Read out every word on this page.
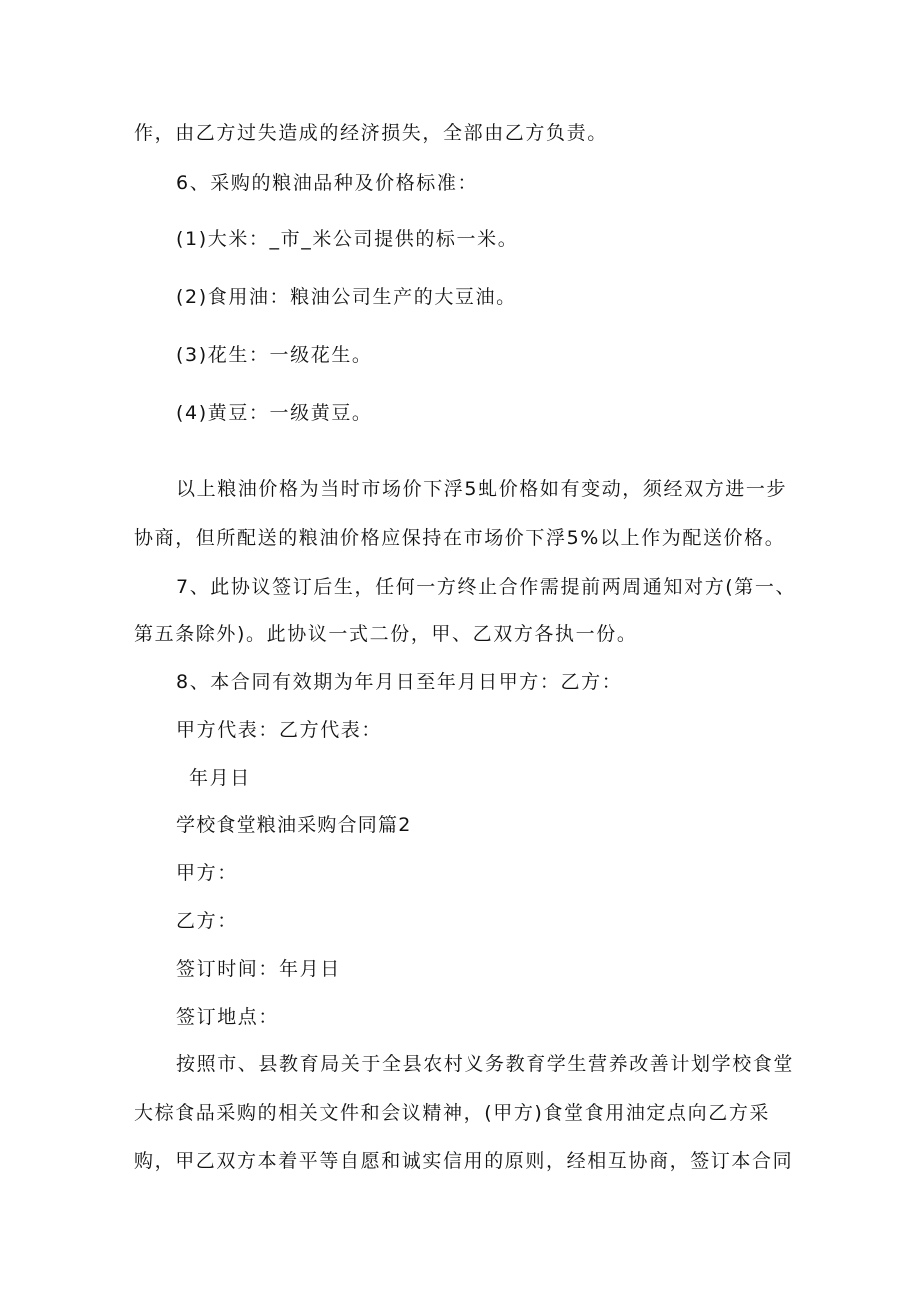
作，由乙方过失造成的经济损失，全部由乙方负责。
6、采购的粮油品种及价格标准：
(1)大米：_市_米公司提供的标一米。
(2)食用油：粮油公司生产的大豆油。
(3)花生：一级花生。
(4)黄豆：一级黄豆。
以上粮油价格为当时市场价下浮5虬价格如有变动，须经双方进一步
协商，但所配送的粮油价格应保持在市场价下浮5%以上作为配送价格。
7、此协议签订后生，任何一方终止合作需提前两周通知对方(第一、
第五条除外)。此协议一式二份，甲、乙双方各执一份。
8、本合同有效期为年月日至年月日甲方：乙方：
甲方代表：乙方代表：
年月日
学校食堂粮油采购合同篇2
甲方：
乙方：
签订时间：年月日
签订地点：
按照市、县教育局关于全县农村义务教育学生营养改善计划学校食堂
大棕食品采购的相关文件和会议精神，(甲方)食堂食用油定点向乙方采
购，甲乙双方本着平等自愿和诚实信用的原则，经相互协商，签订本合同
